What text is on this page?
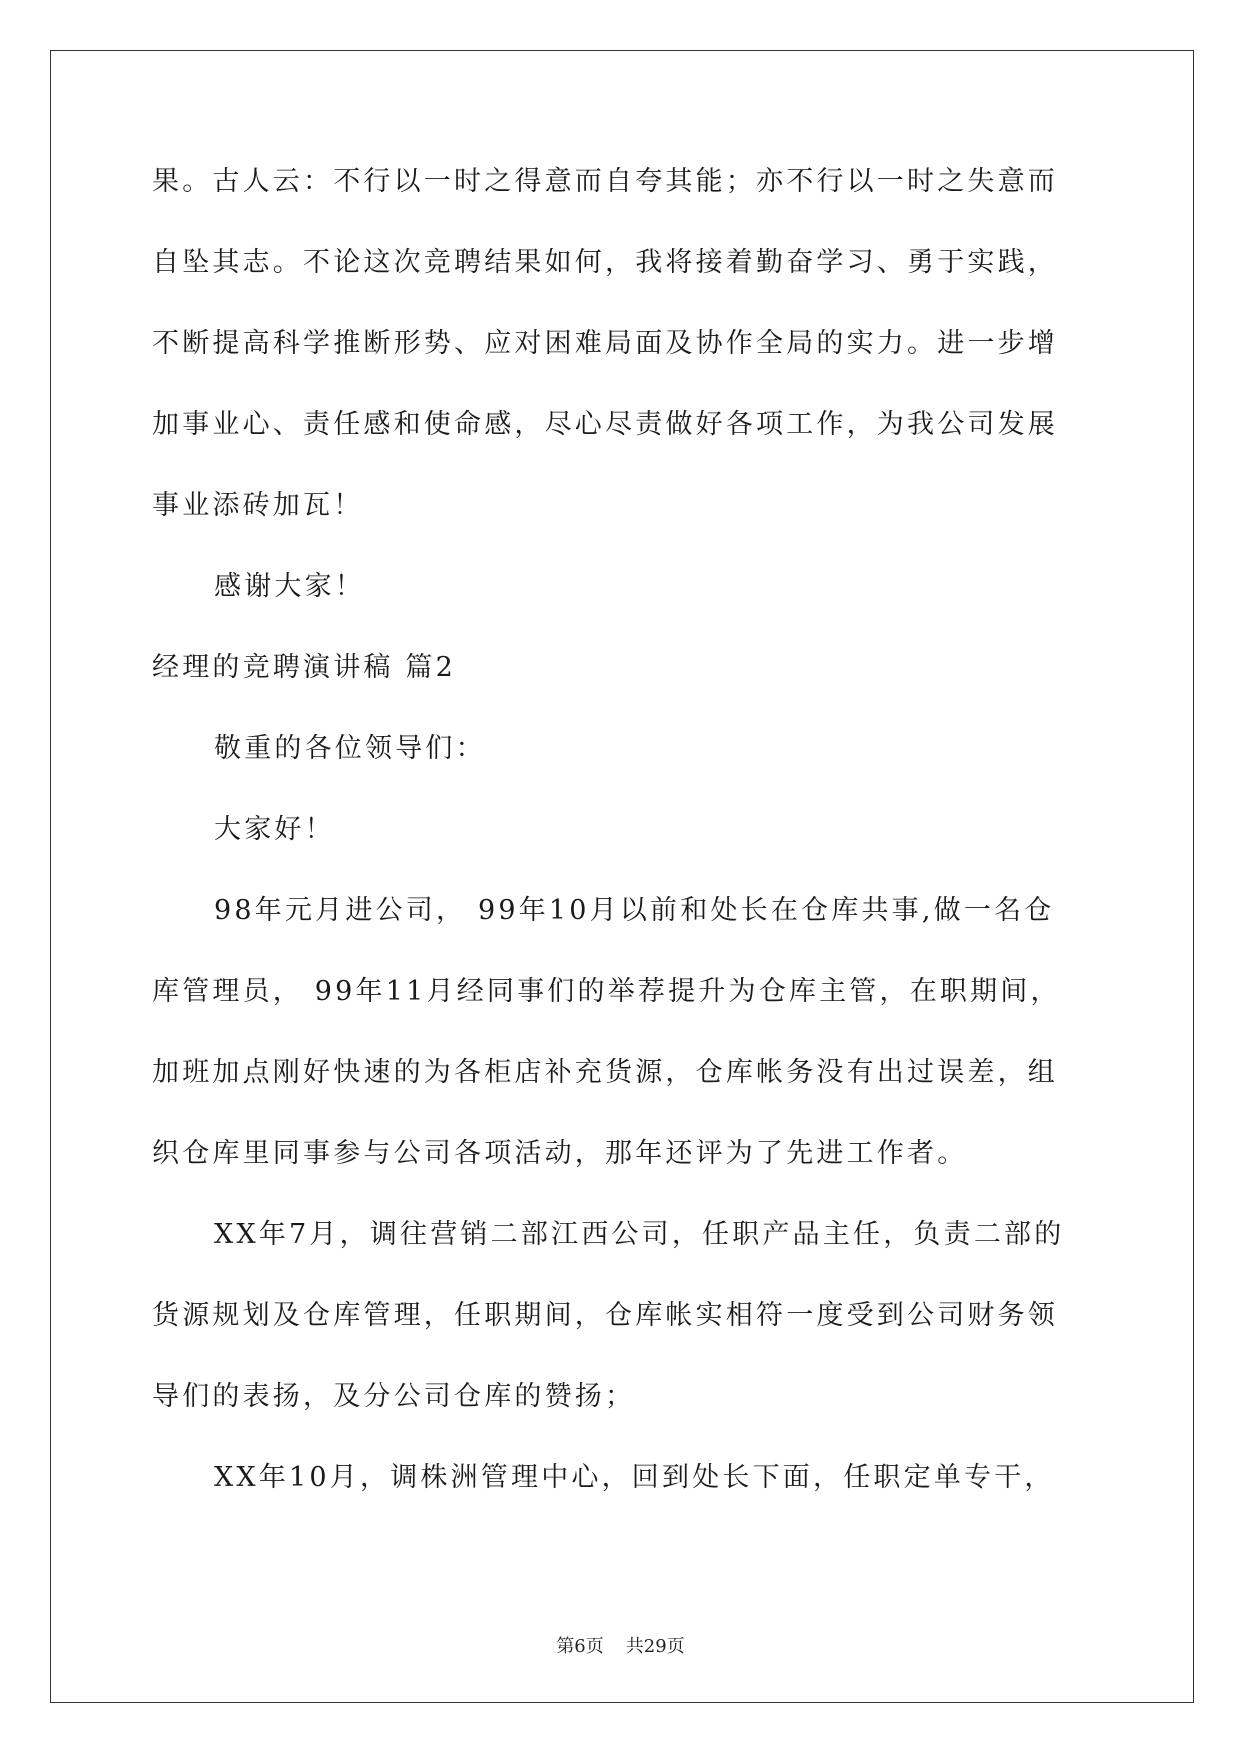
果。古人云：不行以一时之得意而自夸其能；亦不行以一时之失意而
自坠其志。不论这次竞聘结果如何，我将接着勤奋学习、勇于实践，
不断提高科学推断形势、应对困难局面及协作全局的实力。进一步增
加事业心、责任感和使命感，尽心尽责做好各项工作，为我公司发展
事业添砖加瓦！
感谢大家！
经理的竞聘演讲稿 篇2
敬重的各位领导们：
大家好！
98年元月进公司， 99年10月以前和处长在仓库共事,做一名仓
库管理员， 99年11月经同事们的举荐提升为仓库主管，在职期间，
加班加点刚好快速的为各柜店补充货源，仓库帐务没有出过误差，组
织仓库里同事参与公司各项活动，那年还评为了先进工作者。
XX年7月，调往营销二部江西公司，任职产品主任，负责二部的
货源规划及仓库管理，任职期间，仓库帐实相符一度受到公司财务领
导们的表扬，及分公司仓库的赞扬；
XX年10月，调株洲管理中心，回到处长下面，任职定单专干，
第6页 共29页
